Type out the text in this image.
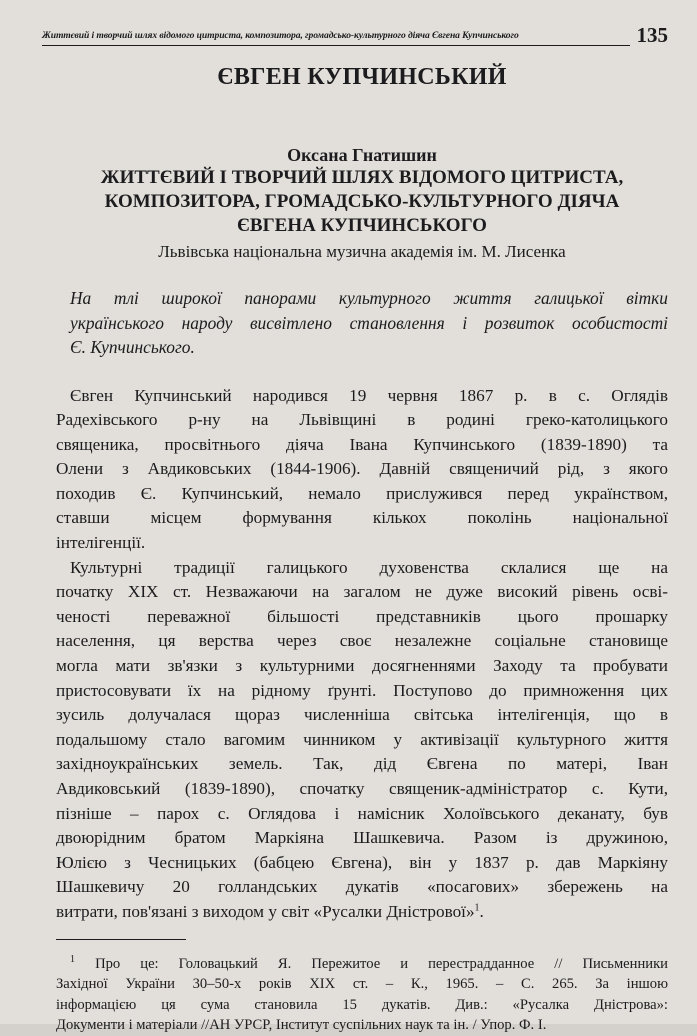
Життєвий і творчий шлях відомого цитриста, композитора, громадсько-культурного діяча Євгена Купчинського	135
ЄВГЕН КУПЧИНСЬКИЙ
Оксана Гнатишин
ЖИТТЄВИЙ І ТВОРЧИЙ ШЛЯХ ВІДОМОГО ЦИТРИСТА,
КОМПОЗИТОРА, ГРОМАДСЬКО-КУЛЬТУРНОГО ДІЯЧА
ЄВГЕНА КУПЧИНСЬКОГО
Львівська національна музична академія ім. М. Лисенка
На тлі широкої панорами культурного життя галицької вітки
українського народу висвітлено становлення і розвиток особистості
Є. Купчинського.

Євген Купчинський народився 19 червня 1867 р. в с. Оглядів
Радехівського р-ну на Львівщині в родині греко-католицького
священика, просвітнього діяча Івана Купчинського (1839-1890) та
Олени з Авдиковських (1844-1906). Давній священичий рід, з якого
походив Є. Купчинський, немало прислужився перед українством,
ставши місцем формування кількох поколінь національної
інтелігенції.

Культурні традиції галицького духовенства склалися ще на
початку XIX ст. Незважаючи на загалом не дуже високий рівень осві-
ченості переважної більшості представників цього прошарку
населення, ця верства через своє незалежне соціальне становище
могла мати зв'язки з культурними досягненнями Заходу та пробувати
пристосовувати їх на рідному ґрунті. Поступово до примноження цих
зусиль долучалася щораз численніша світська інтелігенція, що в
подальшому стало вагомим чинником у активізації культурного життя
західноукраїнських земель. Так, дід Євгена по матері, Іван
Авдиковський (1839-1890), спочатку священик-адміністратор с. Кути,
пізніше – парох с. Оглядова і намісник Холоївського деканату, був
двоюрідним братом Маркіяна Шашкевича. Разом із дружиною,
Юлією з Чесницьких (бабцею Євгена), він у 1837 р. дав Маркіяну
Шашкевичу 20 голландських дукатів «посагових» збережень на
витрати, пов'язані з виходом у світ «Русалки Дністрової»$^1$.

$^1$ Про це: Головацький Я. Пережитое и перестрадданное // Письменники
Західної України 30–50-х років XIX ст. – К., 1965. – С. 265. За іншою
інформацією ця сума становила 15 дукатів. Див.: «Русалка Дністрова»:
Документи і матеріали //АН УРСР, Інститут суспільних наук та ін. / Упор. Ф. І.
